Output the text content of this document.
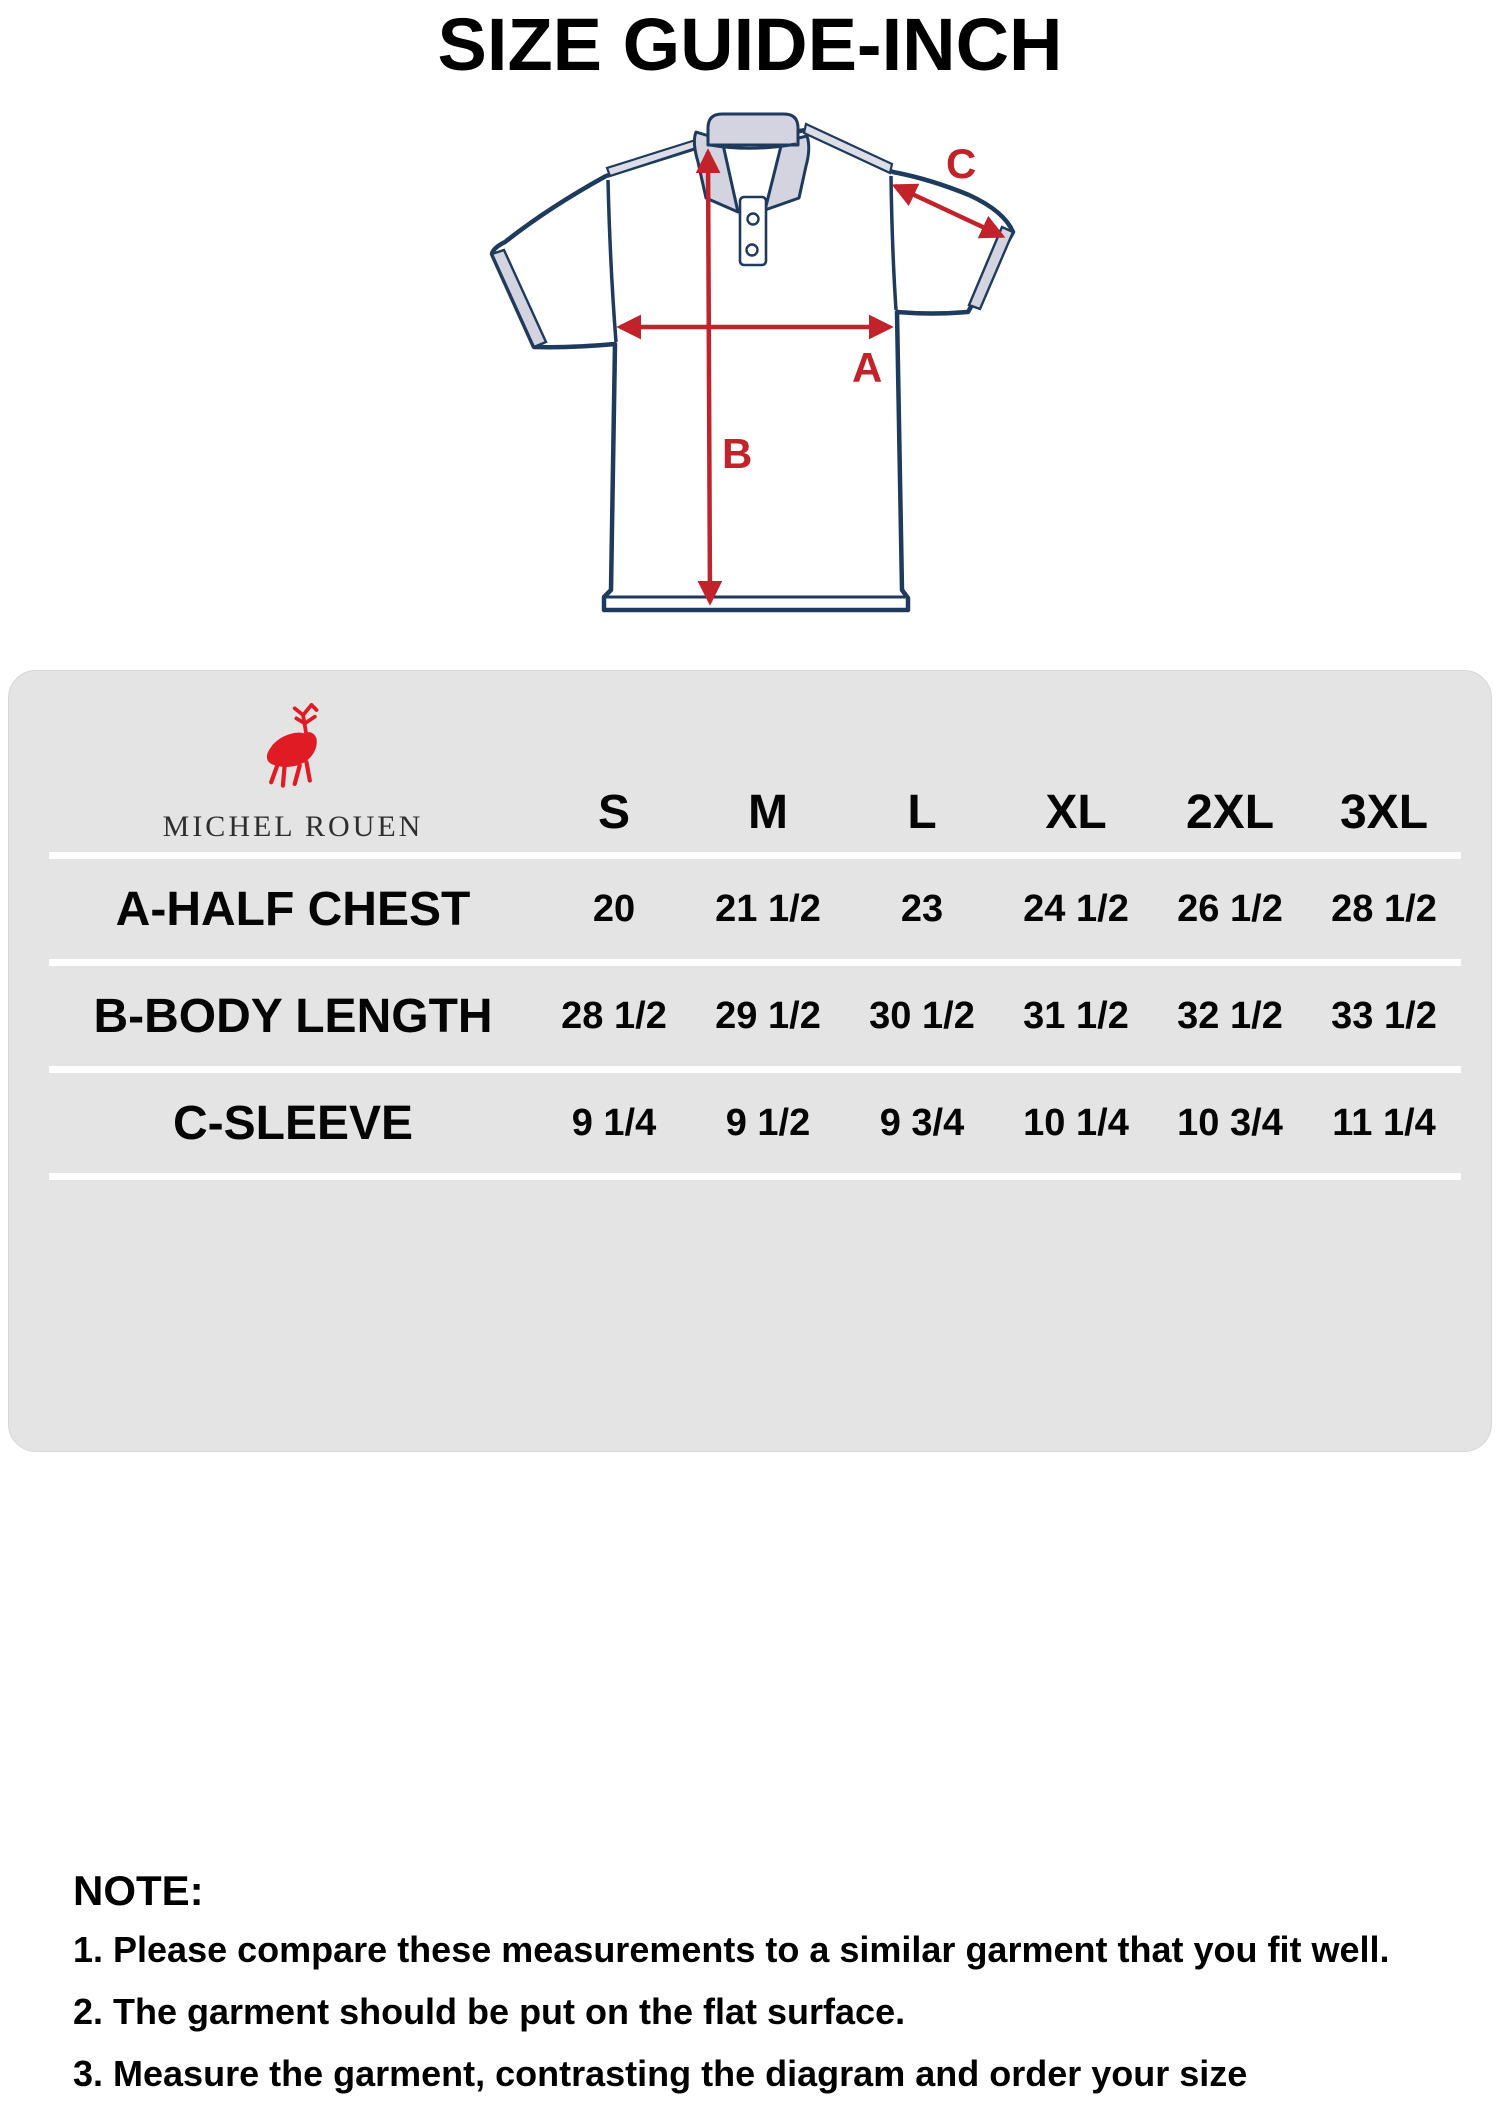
SIZE GUIDE-INCH
A
B
C
MICHEL ROUEN	S	M	L	XL	2XL	3XL
A-HALF CHEST	20	21 1/2	23	24 1/2	26 1/2	28 1/2
B-BODY LENGTH	28 1/2	29 1/2	30 1/2	31 1/2	32 1/2	33 1/2
C-SLEEVE	9 1/4	9 1/2	9 3/4	10 1/4	10 3/4	11 1/4

NOTE:

1. Please compare these measurements to a similar garment that you fit well.

2. The garment should be put on the flat surface.

3. Measure the garment, contrasting the diagram and order your size
